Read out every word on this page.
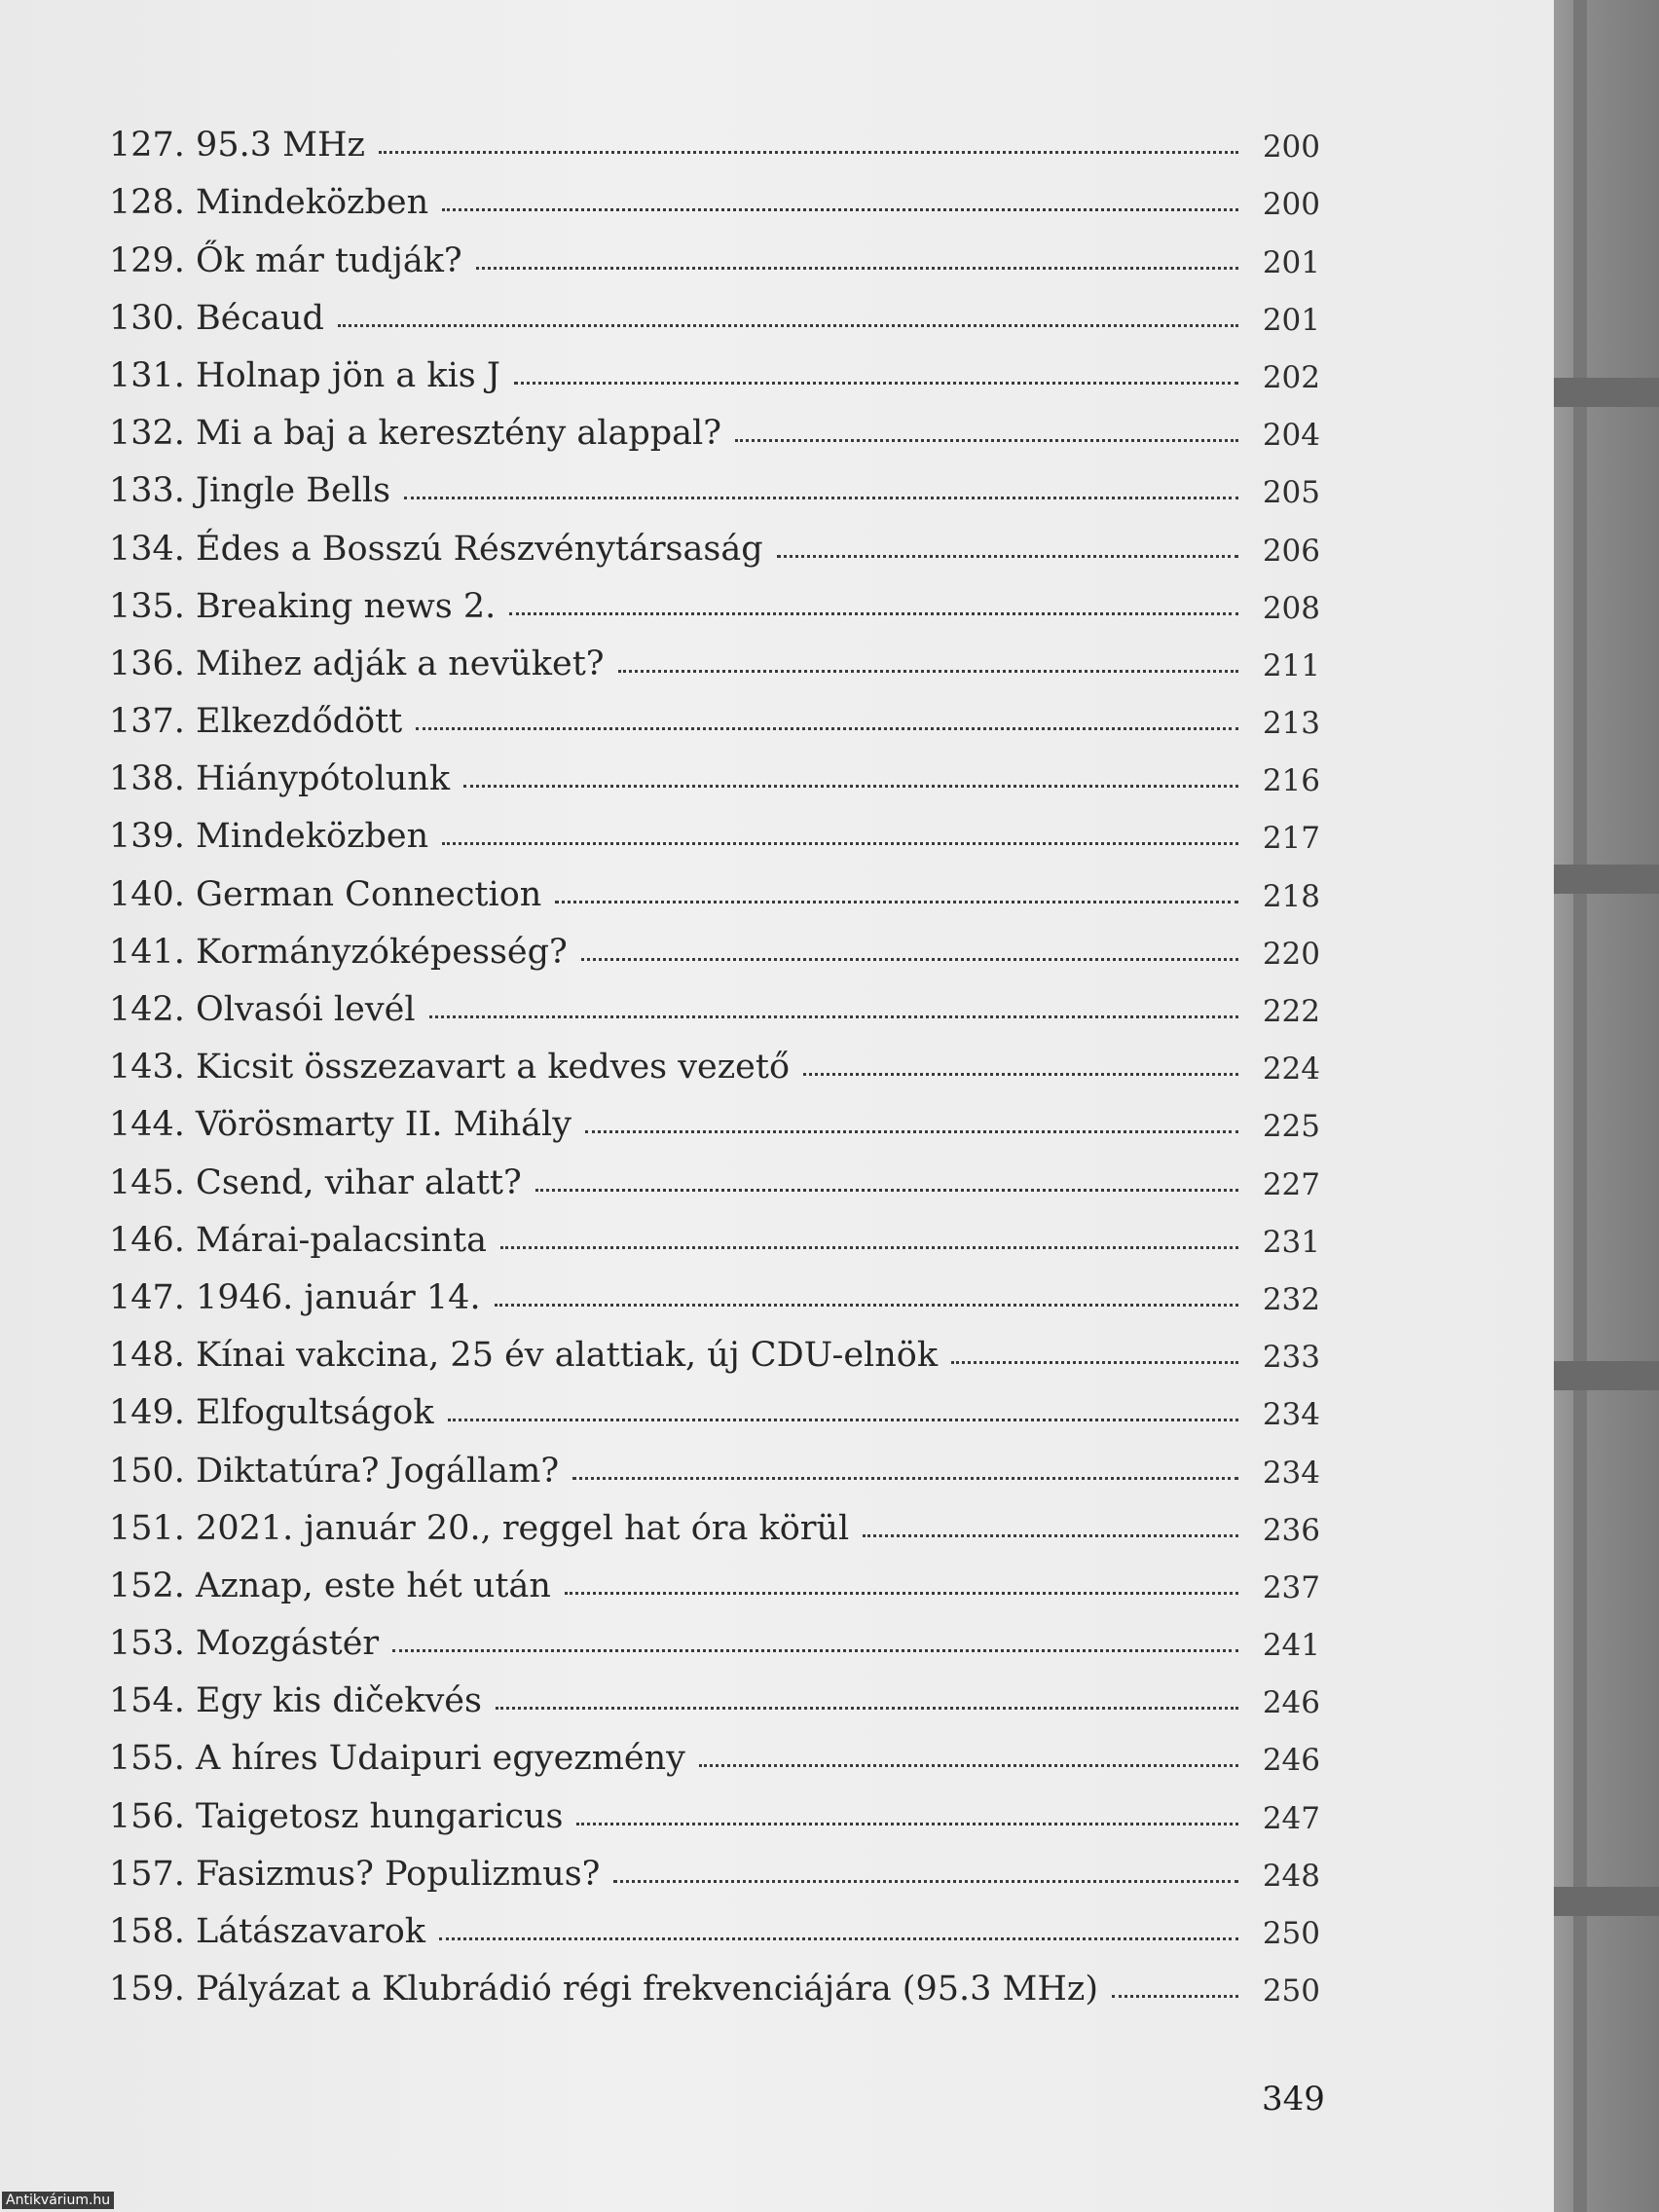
127. 95.3 MHz	200
128. Mindeközben	200
129. Ők már tudják?	201
130. Bécaud	201
131. Holnap jön a kis J	202
132. Mi a baj a keresztény alappal?	204
133. Jingle Bells	205
134. Édes a Bosszú Részvénytársaság	206
135. Breaking news 2.	208
136. Mihez adják a nevüket?	211
137. Elkezdődött	213
138. Hiánypótolunk	216
139. Mindeközben	217
140. German Connection	218
141. Kormányzóképesség?	220
142. Olvasói levél	222
143. Kicsit összezavart a kedves vezető	224
144. Vörösmarty II. Mihály	225
145. Csend, vihar alatt?	227
146. Márai-palacsinta	231
147. 1946. január 14.	232
148. Kínai vakcina, 25 év alattiak, új CDU-elnök	233
149. Elfogultságok	234
150. Diktatúra? Jogállam?	234
151. 2021. január 20., reggel hat óra körül	236
152. Aznap, este hét után	237
153. Mozgástér	241
154. Egy kis dičekvés	246
155. A híres Udaipuri egyezmény	246
156. Taigetosz hungaricus	247
157. Fasizmus? Populizmus?	248
158. Látászavarok	250
159. Pályázat a Klubrádió régi frekvenciájára (95.3 MHz)	250
349
Antikvárium.hu
